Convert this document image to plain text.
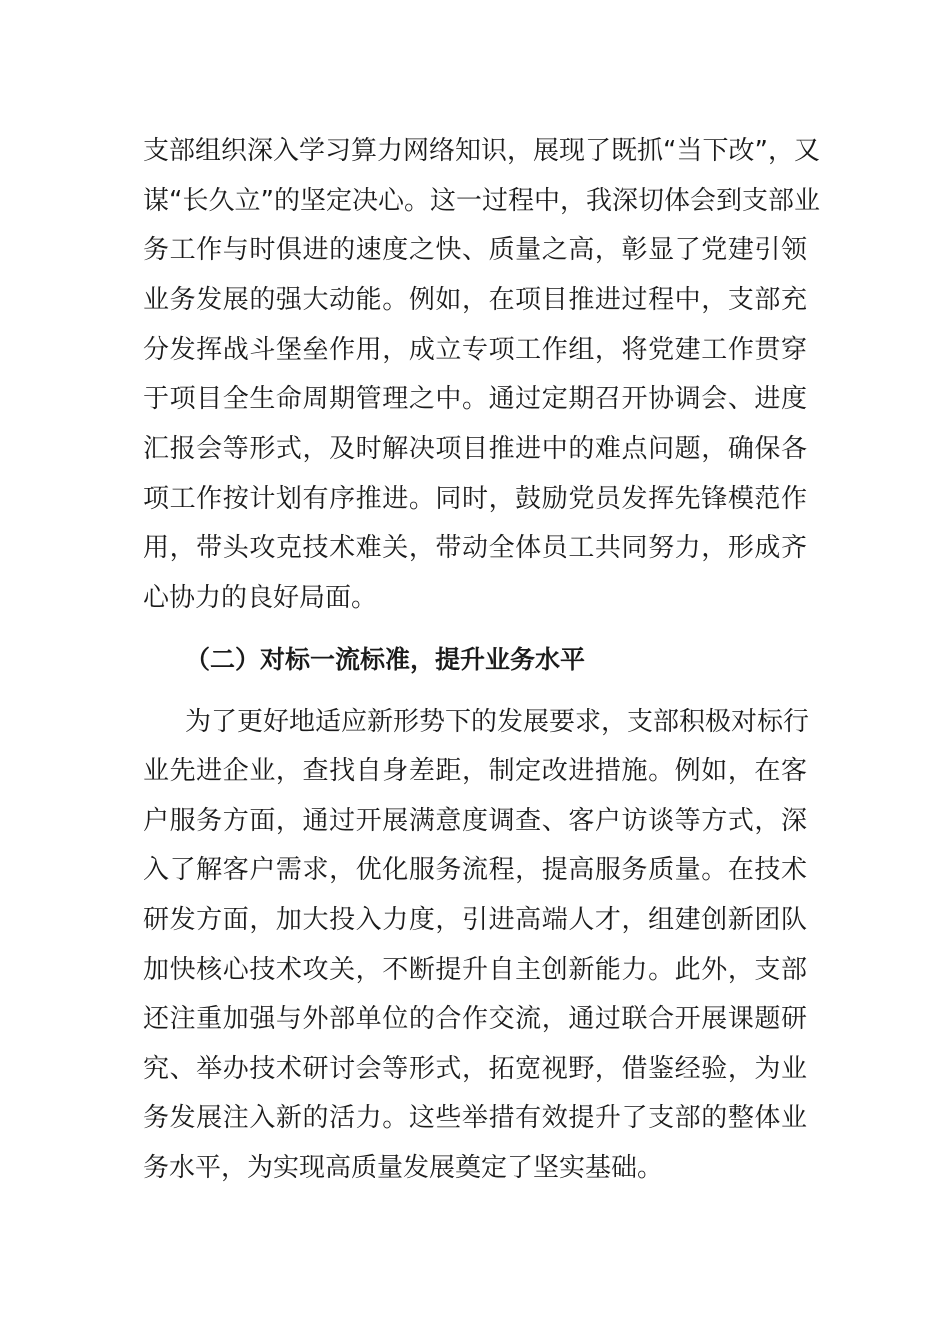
支部组织深入学习算力网络知识，展现了既抓“当下改”，又
谋“长久立”的坚定决心。这一过程中，我深切体会到支部业
务工作与时俱进的速度之快、质量之高，彰显了党建引领
业务发展的强大动能。例如，在项目推进过程中，支部充
分发挥战斗堡垒作用，成立专项工作组，将党建工作贯穿
于项目全生命周期管理之中。通过定期召开协调会、进度
汇报会等形式，及时解决项目推进中的难点问题，确保各
项工作按计划有序推进。同时，鼓励党员发挥先锋模范作
用，带头攻克技术难关，带动全体员工共同努力，形成齐
心协力的良好局面。
（二）对标一流标准，提升业务水平
为了更好地适应新形势下的发展要求，支部积极对标行
业先进企业，查找自身差距，制定改进措施。例如，在客
户服务方面，通过开展满意度调查、客户访谈等方式，深
入了解客户需求，优化服务流程，提高服务质量。在技术
研发方面，加大投入力度，引进高端人才，组建创新团队
加快核心技术攻关，不断提升自主创新能力。此外，支部
还注重加强与外部单位的合作交流，通过联合开展课题研
究、举办技术研讨会等形式，拓宽视野，借鉴经验，为业
务发展注入新的活力。这些举措有效提升了支部的整体业
务水平，为实现高质量发展奠定了坚实基础。
